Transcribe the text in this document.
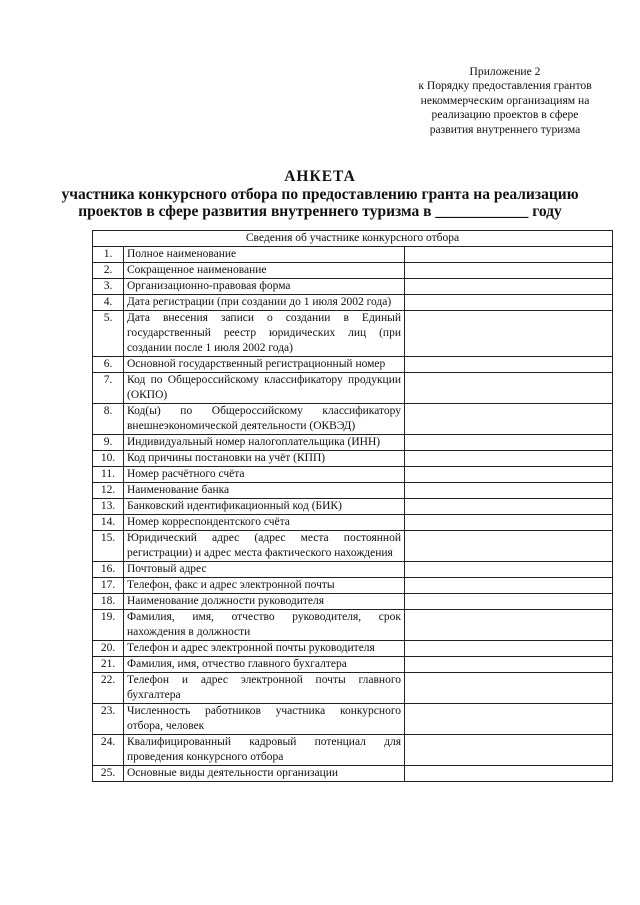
Приложение 2
к Порядку предоставления грантов
некоммерческим организациям на
реализацию проектов в сфере
развития внутреннего туризма
АНКЕТА
участника конкурсного отбора по предоставлению гранта на реализацию
проектов в сфере развития внутреннего туризма в ____________ году
Сведения об участнике конкурсного отбора		
1.	Полное наименование	
2.	Сокращенное наименование	
3.	Организационно-правовая форма	
4.	Дата регистрации (при создании до 1 июля 2002 года)	
5.	Дата внесения записи о создании в Единый государственный реестр юридических лиц (при создании после 1 июля 2002 года)	
6.	Основной государственный регистрационный номер	
7.	Код по Общероссийскому классификатору продукции (ОКПО)	
8.	Код(ы) по Общероссийскому классификатору внешнеэкономической деятельности (ОКВЭД)	
9.	Индивидуальный номер налогоплательщика (ИНН)	
10.	Код причины постановки на учёт (КПП)	
11.	Номер расчётного счёта	
12.	Наименование банка	
13.	Банковский идентификационный код (БИК)	
14.	Номер корреспондентского счёта	
15.	Юридический адрес (адрес места постоянной регистрации) и адрес места фактического нахождения	
16.	Почтовый адрес	
17.	Телефон, факс и адрес электронной почты	
18.	Наименование должности руководителя	
19.	Фамилия, имя, отчество руководителя, срок нахождения в должности	
20.	Телефон и адрес электронной почты руководителя	
21.	Фамилия, имя, отчество главного бухгалтера	
22.	Телефон и адрес электронной почты главного бухгалтера	
23.	Численность работников участника конкурсного отбора, человек	
24.	Квалифицированный кадровый потенциал для проведения конкурсного отбора	
25.	Основные виды деятельности организации	
